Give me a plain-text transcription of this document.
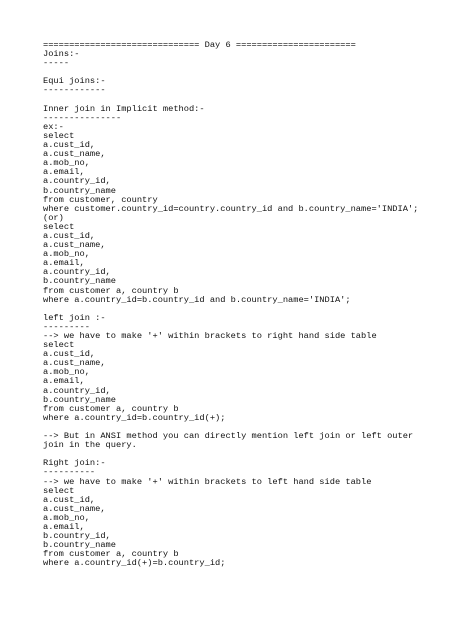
============================== Day 6 =======================
Joins:-
-----

Equi joins:-
------------

Inner join in Implicit method:-
---------------
ex:-
select
a.cust_id,
a.cust_name,
a.mob_no,
a.email,
a.country_id,
b.country_name
from customer, country
where customer.country_id=country.country_id and b.country_name='INDIA';
(or)
select
a.cust_id,
a.cust_name,
a.mob_no,
a.email,
a.country_id,
b.country_name
from customer a, country b
where a.country_id=b.country_id and b.country_name='INDIA';

left join :-
---------
--> we have to make '+' within brackets to right hand side table
select
a.cust_id,
a.cust_name,
a.mob_no,
a.email,
a.country_id,
b.country_name
from customer a, country b
where a.country_id=b.country_id(+);

--> But in ANSI method you can directly mention left join or left outer join in the query.

Right join:-
----------
--> we have to make '+' within brackets to left hand side table
select
a.cust_id,
a.cust_name,
a.mob_no,
a.email,
b.country_id,
b.country_name
from customer a, country b
where a.country_id(+)=b.country_id;
